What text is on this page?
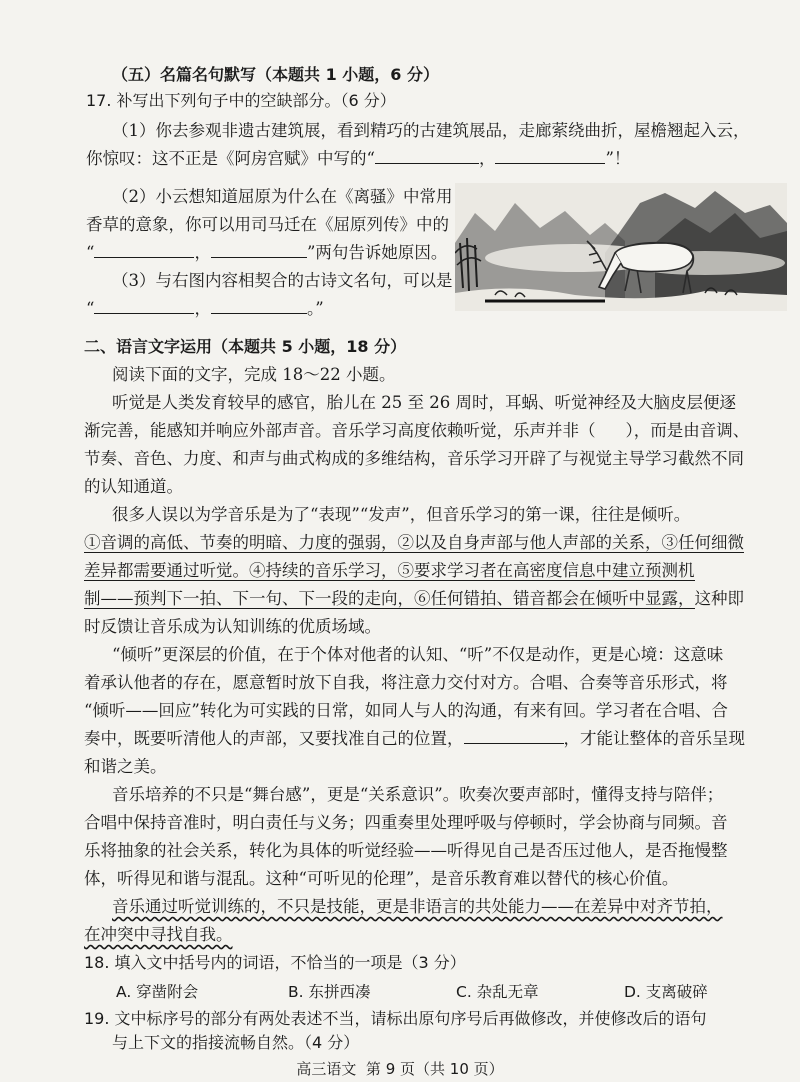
（五）名篇名句默写（本题共 1 小题，6 分）
17. 补写出下列句子中的空缺部分。（6 分）
（1）你去参观非遗古建筑展，看到精巧的古建筑展品，走廊萦绕曲折，屋檐翘起入云，
你惊叹：这不正是《阿房宫赋》中写的“	，	”！
（2）小云想知道屈原为什么在《离骚》中常用
香草的意象，你可以用司马迁在《屈原列传》中的
“	，	”两句告诉她原因。
（3）与右图内容相契合的古诗文名句，可以是
“	，	。”
二、语言文字运用（本题共 5 小题，18 分）
阅读下面的文字，完成 18～22 小题。
听觉是人类发育较早的感官，胎儿在 25 至 26 周时，耳蜗、听觉神经及大脑皮层便逐
渐完善，能感知并响应外部声音。音乐学习高度依赖听觉，乐声并非（ ），而是由音调、
节奏、音色、力度、和声与曲式构成的多维结构，音乐学习开辟了与视觉主导学习截然不同
的认知通道。
很多人误以为学音乐是为了“表现”“发声”，但音乐学习的第一课，往往是倾听。
①音调的高低、节奏的明暗、力度的强弱，②以及自身声部与他人声部的关系，③任何细微
差异都需要通过听觉。④持续的音乐学习，⑤要求学习者在高密度信息中建立预测机
制——预判下一拍、下一句、下一段的走向，⑥任何错拍、错音都会在倾听中显露，这种即
时反馈让音乐成为认知训练的优质场域。
“倾听”更深层的价值，在于个体对他者的认知、“听”不仅是动作，更是心境：这意味
着承认他者的存在，愿意暂时放下自我，将注意力交付对方。合唱、合奏等音乐形式，将
“倾听——回应”转化为可实践的日常，如同人与人的沟通，有来有回。学习者在合唱、合
奏中，既要听清他人的声部，又要找准自己的位置，	，才能让整体的音乐呈现
和谐之美。
音乐培养的不只是“舞台感”，更是“关系意识”。吹奏次要声部时，懂得支持与陪伴；
合唱中保持音准时，明白责任与义务；四重奏里处理呼吸与停顿时，学会协商与同频。音
乐将抽象的社会关系，转化为具体的听觉经验——听得见自己是否压过他人，是否拖慢整
体，听得见和谐与混乱。这种“可听见的伦理”，是音乐教育难以替代的核心价值。
音乐通过听觉训练的，不只是技能，更是非语言的共处能力——在差异中对齐节拍，
在冲突中寻找自我。
18. 填入文中括号内的词语，不恰当的一项是（3 分）
A. 穿凿附会	B. 东拼西凑	C. 杂乱无章	D. 支离破碎
19. 文中标序号的部分有两处表述不当，请标出原句序号后再做修改，并使修改后的语句
与上下文的指接流畅自然。（4 分）
高三语文 第 9 页（共 10 页）
